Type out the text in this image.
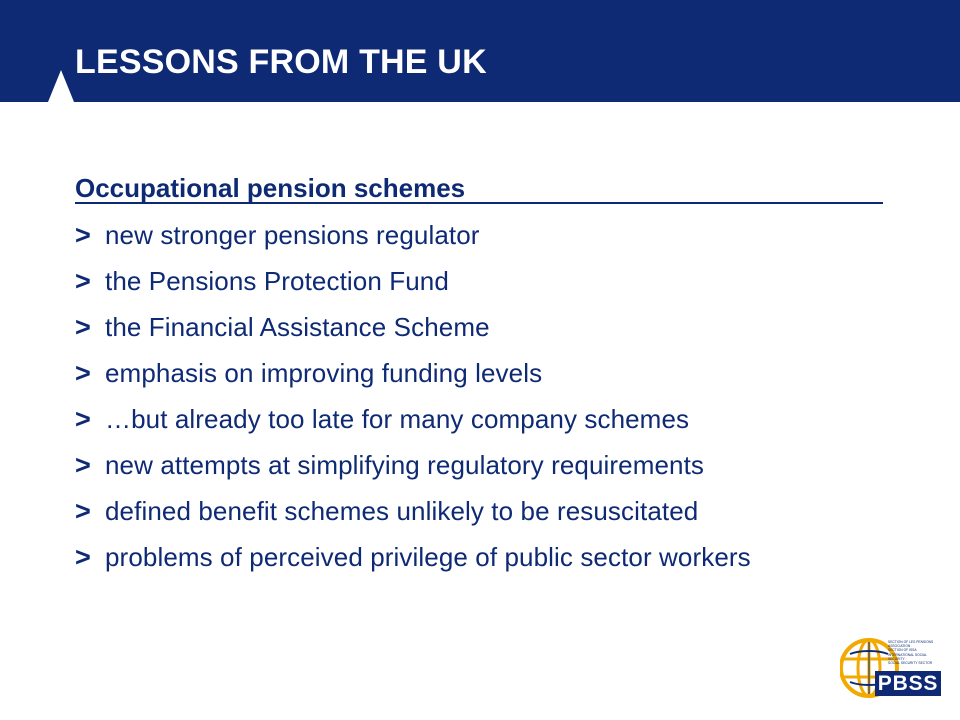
LESSONS FROM THE UK
Occupational pension schemes
> new stronger pensions regulator
> the Pensions Protection Fund
> the Financial Assistance Scheme
> emphasis on improving funding levels
> …but already too late for many company schemes
> new attempts at simplifying regulatory requirements
> defined benefit schemes unlikely to be resuscitated
> problems of perceived privilege of public sector workers
SECTION OF LES PENSIONS ASSOCIATION
SECTION OF ISSA
INTERNATIONAL SOCIAL SECURITY
SOCIAL SECURITY SECTOR
PBSS
